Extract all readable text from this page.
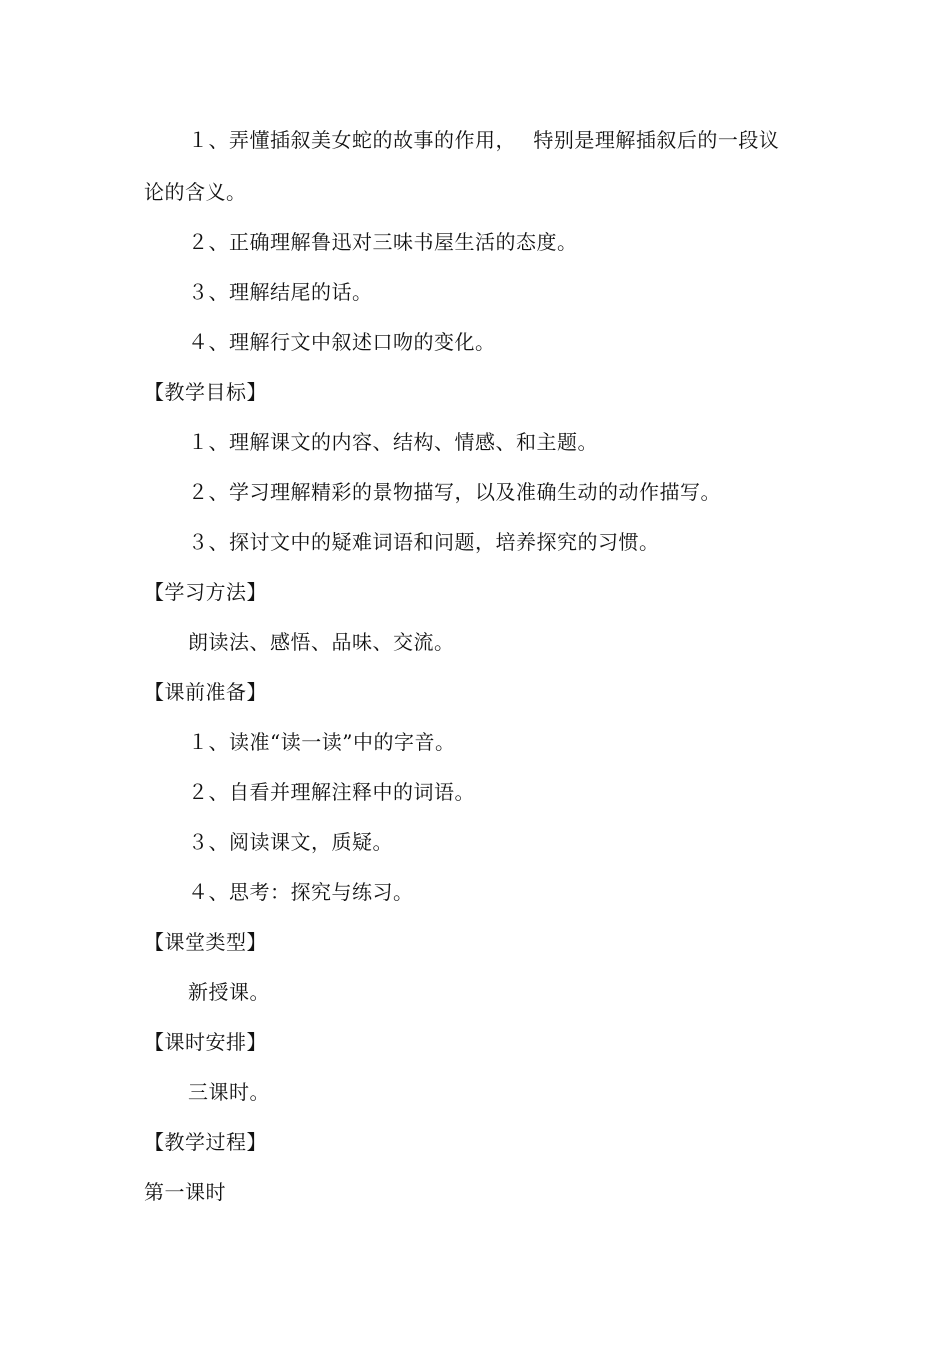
１、弄懂插叙美女蛇的故事的作用，　 特别是理解插叙后的一段议
论的含义。
２、正确理解鲁迅对三味书屋生活的态度。
３、理解结尾的话。
４、理解行文中叙述口吻的变化。
【教学目标】
１、理解课文的内容、结构、情感、和主题。
２、学习理解精彩的景物描写，以及准确生动的动作描写。
３、探讨文中的疑难词语和问题，培养探究的习惯。
【学习方法】
朗读法、感悟、品味、交流。
【课前准备】
１、读准“读一读”中的字音。
２、自看并理解注释中的词语。
３、阅读课文，质疑。
４、思考：探究与练习。
【课堂类型】
新授课。
【课时安排】
三课时。
【教学过程】
第一课时
